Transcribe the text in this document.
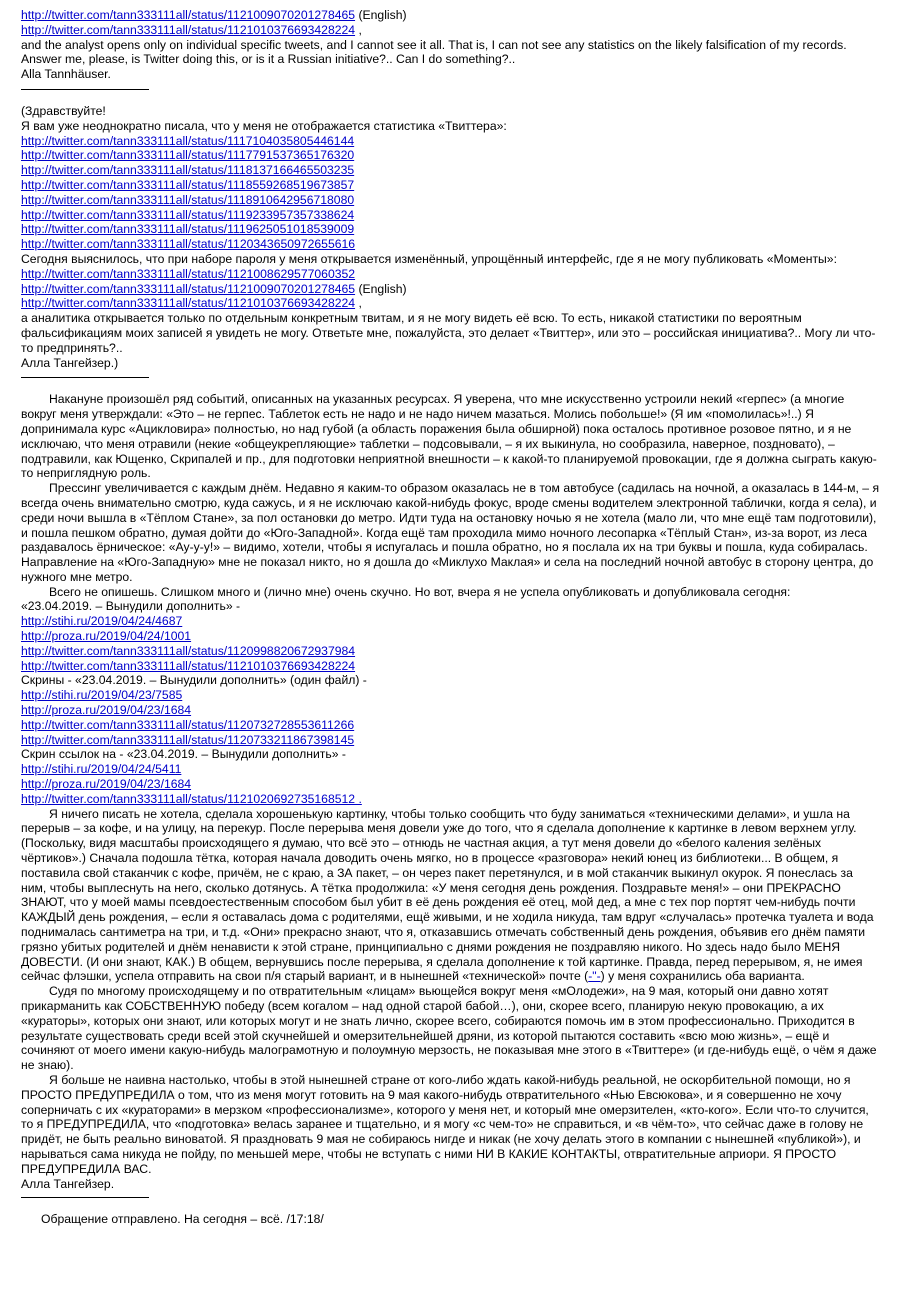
http://twitter.com/tann333111all/status/1121009070201278465 (English)
http://twitter.com/tann333111all/status/1121010376693428224 ,

and the analyst opens only on individual specific tweets, and I cannot see it all. That is, I can not see any statistics on the likely falsification of my records. Answer me, please, is Twitter doing this, or is it a Russian initiative?.. Can I do something?..

Alla Tannhäuser.
(Здравствуйте!
Я вам уже неоднократно писала, что у меня не отображается статистика «Твиттера»:
http://twitter.com/tann333111all/status/1117104035805446144
http://twitter.com/tann333111all/status/1117791537365176320
http://twitter.com/tann333111all/status/1118137166465503235
http://twitter.com/tann333111all/status/1118559268519673857
http://twitter.com/tann333111all/status/1118910642956718080
http://twitter.com/tann333111all/status/1119233957357338624
http://twitter.com/tann333111all/status/1119625051018539009
http://twitter.com/tann333111all/status/1120343650972655616

Сегодня выяснилось, что при наборе пароля у меня открывается изменённый, упрощённый интерфейс, где я не могу публиковать «Моменты»:

http://twitter.com/tann333111all/status/1121008629577060352
http://twitter.com/tann333111all/status/1121009070201278465 (English)
http://twitter.com/tann333111all/status/1121010376693428224 ,

а аналитика открывается только по отдельным конкретным твитам, и я не могу видеть её всю. То есть, никакой статистики по вероятным фальсификациям моих записей я увидеть не могу. Ответьте мне, пожалуйста, это делает «Твиттер», или это – российская инициатива?.. Могу ли что-то предпринять?..

Алла Тангейзер.)

Накануне произошёл ряд событий, описанных на указанных ресурсах. Я уверена, что мне искусственно устроили некий «герпес» (а многие вокруг меня утверждали: «Это – не герпес. Таблеток есть не надо и не надо ничем мазаться. Молись побольше!» (Я им «помолилась»!..) Я допринимала курс «Ацикловира» полностью, но над губой (а область поражения была обширной) пока осталось противное розовое пятно, и я не исключаю, что меня отравили (некие «общеукрепляющие» таблетки – подсовывали, – я их выкинула, но сообразила, наверное, поздновато), – подтравили, как Ющенко, Скрипалей и пр., для подготовки неприятной внешности – к какой-то планируемой провокации, где я должна сыграть какую-то неприглядную роль.

Прессинг увеличивается с каждым днём. Недавно я каким-то образом оказалась не в том автобусе (садилась на ночной, а оказалась в 144-м, – я всегда очень внимательно смотрю, куда сажусь, и я не исключаю какой-нибудь фокус, вроде смены водителем электронной таблички, когда я села), и среди ночи вышла в «Тёплом Стане», за пол остановки до метро. Идти туда на остановку ночью я не хотела (мало ли, что мне ещё там подготовили), и пошла пешком обратно, думая дойти до «Юго-Западной». Когда ещё там проходила мимо ночного лесопарка «Тёплый Стан», из-за ворот, из леса раздавалось ёрническое: «Ау-у-у!» – видимо, хотели, чтобы я испугалась и пошла обратно, но я послала их на три буквы и пошла, куда собиралась. Направление на «Юго-Западную» мне не показал никто, но я дошла до «Миклухо Маклая» и села на последний ночной автобус в сторону центра, до нужного мне метро.

Всего не опишешь. Слишком много и (лично мне) очень скучно. Но вот, вчера я не успела опубликовать и допубликовала сегодня:

«23.04.2019. – Вынудили дополнить» -
http://stihi.ru/2019/04/24/4687
http://proza.ru/2019/04/24/1001
http://twitter.com/tann333111all/status/1120998820672937984
http://twitter.com/tann333111all/status/1121010376693428224
Скрины - «23.04.2019. – Вынудили дополнить» (один файл) -
http://stihi.ru/2019/04/23/7585
http://proza.ru/2019/04/23/1684
http://twitter.com/tann333111all/status/1120732728553611266
http://twitter.com/tann333111all/status/1120733211867398145
Скрин ссылок на - «23.04.2019. – Вынудили дополнить» -
http://stihi.ru/2019/04/24/5411
http://proza.ru/2019/04/23/1684
http://twitter.com/tann333111all/status/1121020692735168512 .

Я ничего писать не хотела, сделала хорошенькую картинку, чтобы только сообщить что буду заниматься «техническими делами», и ушла на перерыв – за кофе, и на улицу, на перекур. После перерыва меня довели уже до того, что я сделала дополнение к картинке в левом верхнем углу. (Поскольку, видя масштабы происходящего я думаю, что всё это – отнюдь не частная акция, а тут меня довели до «белого каления зелёных чёртиков».) Сначала подошла тётка, которая начала доводить очень мягко, но в процессе «разговора» некий юнец из библиотеки... В общем, я поставила свой стаканчик с кофе, причём, не с краю, а ЗА пакет, – он через пакет перетянулся, и в мой стаканчик выкинул окурок. Я понеслась за ним, чтобы выплеснуть на него, сколько дотянусь. А тётка продолжила: «У меня сегодня день рождения. Поздравьте меня!» – они ПРЕКРАСНО ЗНАЮТ, что у моей мамы псевдоестественным способом был убит в её день рождения её отец, мой дед, а мне с тех пор портят чем-нибудь почти КАЖДЫЙ день рождения, – если я оставалась дома с родителями, ещё живыми, и не ходила никуда, там вдруг «случалась» протечка туалета и вода поднималась сантиметра на три, и т.д. «Они» прекрасно знают, что я, отказавшись отмечать собственный день рождения, объявив его днём памяти грязно убитых родителей и днём ненависти к этой стране, принципиально с днями рождения не поздравляю никого. Но здесь надо было МЕНЯ ДОВЕСТИ. (И они знают, КАК.) В общем, вернувшись после перерыва, я сделала дополнение к той картинке. Правда, перед перерывом, я, не имея сейчас флэшки, успела отправить на свои п/я старый вариант, и в нынешней «технической» почте (-"-) у меня сохранились оба варианта.

Судя по многому происходящему и по отвратительным «лицам» вьющейся вокруг меня «мОлодежи», на 9 мая, который они давно хотят прикарманить как СОБСТВЕННУЮ победу (всем когалом – над одной старой бабой…), они, скорее всего, планирую некую провокацию, а их «кураторы», которых они знают, или которых могут и не знать лично, скорее всего, собираются помочь им в этом профессионально. Приходится в результате существовать среди всей этой скучнейшей и омерзительнейшей дряни, из которой пытаются составить «всю мою жизнь», – ещё и сочиняют от моего имени какую-нибудь малограмотную и полоумную мерзость, не показывая мне этого в «Твиттере» (и где-нибудь ещё, о чём я даже не знаю).

Я больше не наивна настолько, чтобы в этой нынешней стране от кого-либо ждать какой-нибудь реальной, не оскорбительной помощи, но я ПРОСТО ПРЕДУПРЕДИЛА о том, что из меня могут готовить на 9 мая какого-нибудь отвратительного «Нью Евсюкова», и я совершенно не хочу соперничать с их «кураторами» в мерзком «профессионализме», которого у меня нет, и который мне омерзителен, «кто-кого». Если что-то случится, то я ПРЕДУПРЕДИЛА, что «подготовка» велась заранее и тщательно, и я могу «с чем-то» не справиться, и «в чём-то», что сейчас даже в голову не придёт, не быть реально виноватой. Я праздновать 9 мая не собираюсь нигде и никак (не хочу делать этого в компании с нынешней «публикой»), и нарываться сама никуда не пойду, по меньшей мере, чтобы не вступать с ними НИ В КАКИЕ КОНТАКТЫ, отвратительные априори. Я ПРОСТО ПРЕДУПРЕДИЛА ВАС.

Алла Тангейзер.
Обращение отправлено. На сегодня – всё. /17:18/
